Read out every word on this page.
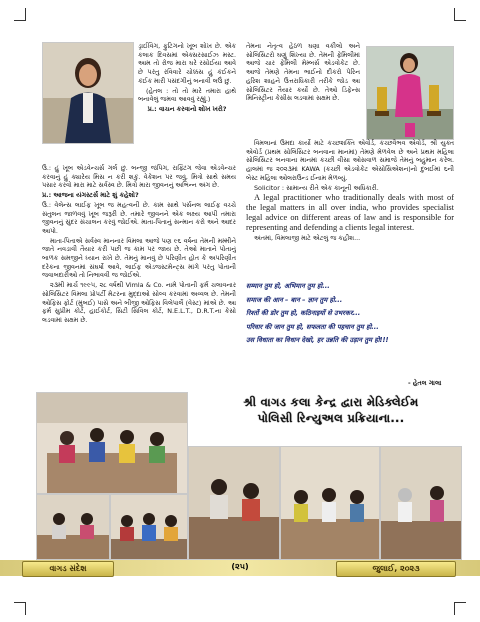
ડ્રાઈવિંગ, ફુટિંગનો ખૂબ શોખ છે. એક કલાક દિવસમાં એક્સરસાઈઝ મસ્ટ. આમ તો રોજ મારા ઘરે રસોઈયા આવે છે પરંતુ રવિવારે ચોક્કસ હું કંઈકને કંઈક મારી પસંદગીનું બનાવી લઉં છું.

(હેતલ : તો તો મારે તમારા હાથે બનાવેલું જમવા આવવું રહ્યું.)

પ્ર.: વાચન કરવાનો શોખ ખરો?

ઉ.: હું ખૂબ એડવેન્ચર્સ ગર્લ છું. બન્જી જંપિંગ, રાફ્ટિંગ જેવા એડવેન્ચર કરવાનું હું ક્યારેય મિસ ન કરી શકું. વેકેશન પર જવું, મિત્રો સાથે સમય પસાર કરવો મારા માટે સર્વસ્વ છે. મિત્રો મારા જીવનનું અભિન્ન અંગ છે.

પ્ર.: આજના યંગસ્ટર્સ માટે શું કહેશો?

ઉ.: વેલેન્સ લાઈફ ખૂબ જ મહત્વની છે. કામ સાથે પર્સનલ લાઈફ વચ્ચે સંતુલન જાળવવું ખૂબ જરૂરી છે. તમારે જીવનને એક લક્ષ્ય આપી તમારા જીવનનું સુંદર સંચાલન કરવું જોઈએ. માતા-પિતાનું સન્માન કરો અને આદર આપો.

માતા-પિતાએ સર્વસ્વ માનનાર વિમલા આજે પણ ૯૬ વર્ષના તેમની મમ્મીને જાતે નવડાવી તૈયાર કરી પછી જ કામ પર જાય છે. તેઓ માતાને પોતાનું બાળક સમજીને ધ્યાન રાખે છે. તેમનું માનવું છે પરિણીત હોત કે અપરિણીત દરેકના જીવનમાં સંઘર્ષો આવે, લાઈફ એડજસ્ટમેન્ટ્સ માંગે પરંતુ પોતાની જવાબદારીઓ તો નિભાવવી જ જોઈએ.

૨૩મી માર્ચ ૧૯૯૫, ૨૮ વર્ષથી Vimla & Co. નામે પોતાની ફર્મ ચલાવનાર સોલિસિટર વિમલા પ્રોપર્ટી મેટરના મુદ્દાઓ સોલ્વ કરવામાં અવ્વલ છે. તેમની ઓફિસ ફોર્ટ (મુંબઈ) પાસે અને બીજી ઓફિસ વિલેપાર્લે (વેસ્ટ) માંએ છે. આ ફર્મ સુપ્રીમ કોર્ટ, હાઈકોર્ટ, સિટી સિવિલ કોર્ટ, N.E.L.T., D.R.T.ના કેસો લડવામાં સક્ષમ છે.

તેમના નેતૃત્વ હેઠળ ઘણા વકીલો અને સોલિસિટરો ઘણું શિખ્યા છે. તેમની ફેમિલીમાં આજે ચાર ફેમિલી મેમ્બર્સ એડવોકેટ છે. આજે તેમણે તેમના ભાઈનો દીકરો પેરિન હરિશ શાહને ઉત્તરાધિકારી તરીકે જોડ આ સોલિસિટર તૈયાર કર્યો છે. તેઓ ડિફેન્સ મિનિસ્ટ્રીના કેસીસ લડવામાં સક્ષમ છે.

વિમલાનાં ઉમદા કાર્યો માટે કચ્છશક્તિ એવોર્ડ, કચ્છવૈભવ એવોર્ડ, શ્રી યુક્ત એવોર્ડ (પ્રથમ સોલિસિટર બનવાના માનમાં) તેમણે મેળવેલ છે અને પ્રથમ મહિલા સોલિસિટર બનવાના માનમાં કચ્છી વીસા ઓસવાળ સમાજે તેમનું બહુમાન કરેલ. હાલમાં જ ૨૦૨૩માં KAWA (કચ્છી એડવોકેટ એસોસિએશન)નો દુબઈમાં ૬ની બેસ્ટ મહિલા ઓલરાઉન્ડ ઈનામ મેળવ્યું.

Solicitor : સામાન્ય રીતે એક કાનૂની અધિકારી.

A legal practitioner who traditionally deals with most of the legal matters in all over india, who provides specialist legal advice on different areas of law and is responsible for representing and defending a clients legal interest.

અંતમાં, વિમલાજી માટે એટલું જ કહીશ...

सम्मान तुम हो, अभिमान तुम हो...

समाज की आन – बान – ज्ञान तुम हो...

रिश्तों की डोर तुम हो, कठिनाइयों से उभरकर...

परिवार की जान तुम हो, सफलता की पहचान तुम हो...

उस विधाता का विधान देखो, हर उन्नति की उड़ान तुम हो!!!

- હેતલ ગાલા
શ્રી વાગડ કલા કેન્દ્ર દ્વારા મેડિક્લેઈમ
પોલિસી રિન્યુઅલ પ્રક્રિયાના...
વાગડ સંદેશ	(૨૫)	જુલાઈ, ૨૦૨૩
